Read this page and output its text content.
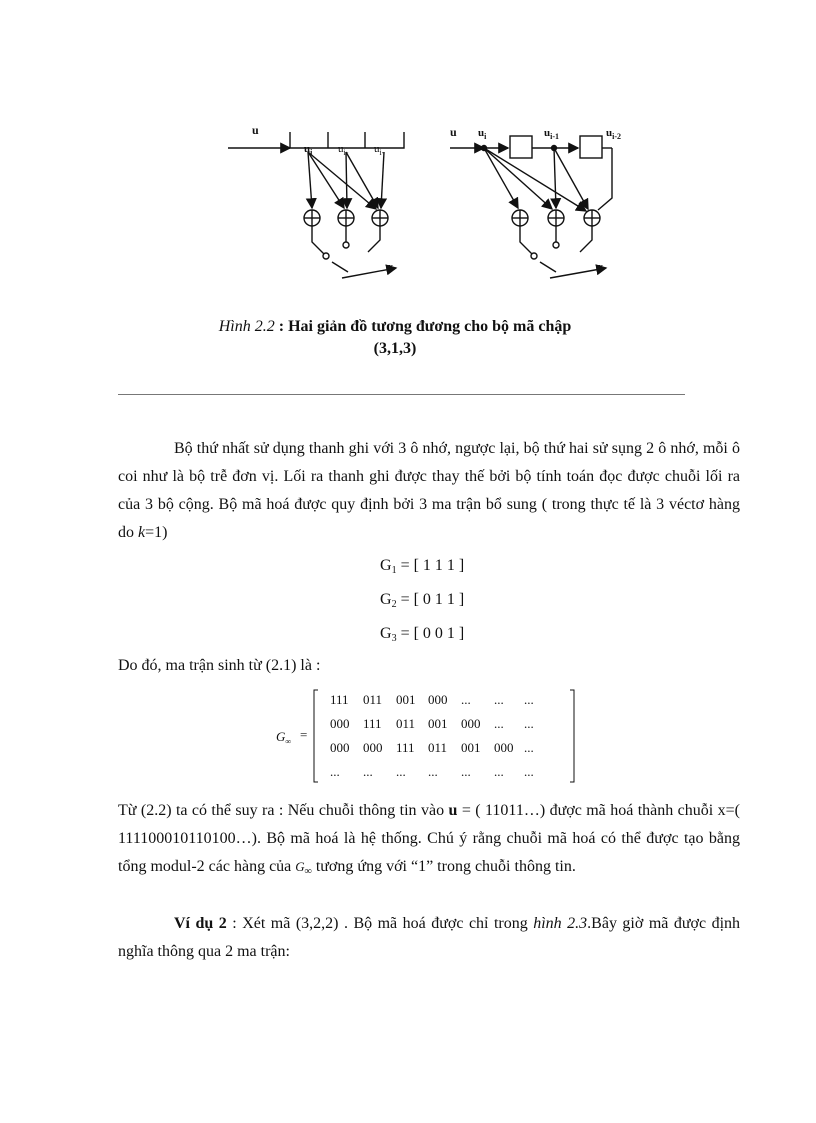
u
$u_i$ $u_{i-}$ $u_{i-}$
x
u $u_i$	$u_{i-1}$	$u_{i-2}$
x
Hình 2.2 : Hai giản đồ tương đương cho bộ mã chập
(3,1,3)

Bộ thứ nhất sử dụng thanh ghi với 3 ô nhớ, ngược lại, bộ thứ hai sử sụng 2 ô nhớ, mỗi ô coi như là bộ trễ đơn vị. Lối ra thanh ghi được thay thế bởi bộ tính toán đọc được chuỗi lối ra của 3 bộ cộng. Bộ mã hoá được quy định bởi 3 ma trận bổ sung ( trong thực tế là 3 véctơ hàng do k=1)

$G_1$ = [ 1 1 1 ]
$G_2$ = [ 0 1 1 ]
$G_3$ = [ 0 0 1 ]

Do đó, ma trận sinh từ (2.1) là :

$G_\infty$ =
111 011 001 000 ... ... ...
000 111 011 001 000 ... ...
000 000 111 011 001 000 ...
... ... ... ... ... ... ...

Từ (2.2) ta có thể suy ra : Nếu chuỗi thông tin vào u = ( 11011…) được mã hoá thành chuỗi x=( 111100010110100…). Bộ mã hoá là hệ thống. Chú ý rằng chuỗi mã hoá có thể được tạo bằng tổng modul-2 các hàng của $G_\infty$ tương ứng với “1” trong chuỗi thông tin.

Ví dụ 2 : Xét mã (3,2,2) . Bộ mã hoá được chỉ trong hình 2.3.Bây giờ mã được định nghĩa thông qua 2 ma trận:
